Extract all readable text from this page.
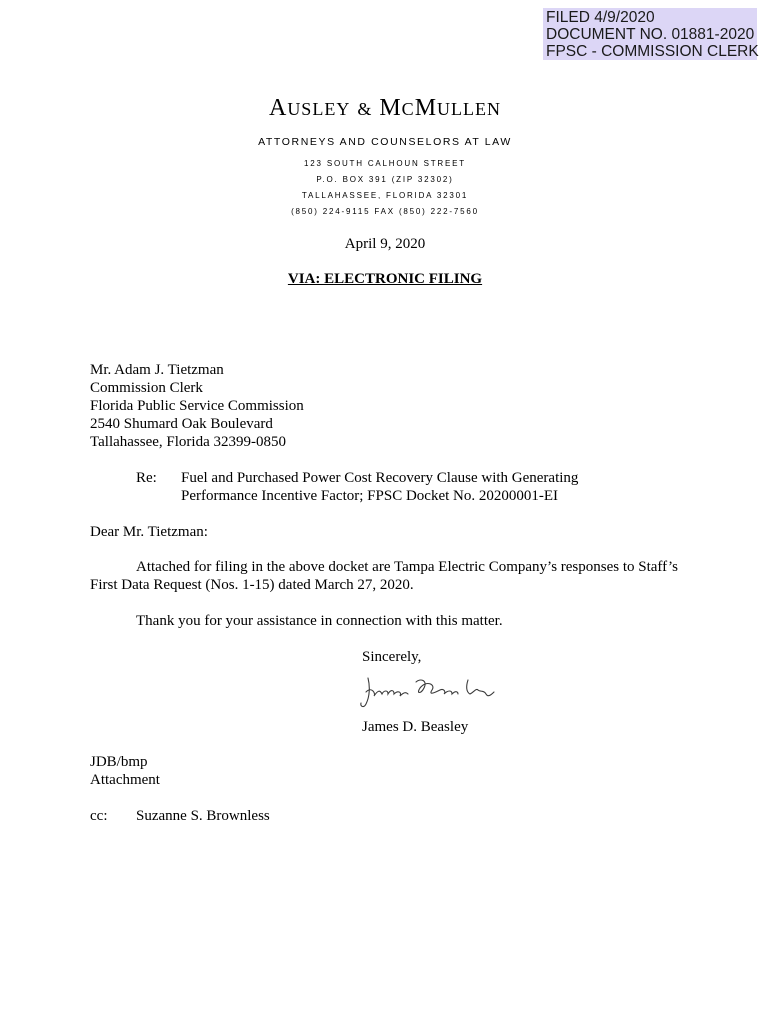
FILED 4/9/2020
DOCUMENT NO. 01881-2020
FPSC - COMMISSION CLERK
AUSLEY & MCMULLEN
ATTORNEYS AND COUNSELORS AT LAW
123 SOUTH CALHOUN STREET
P.O. BOX 391 (ZIP 32302)
TALLAHASSEE, FLORIDA 32301
(850) 224-9115 FAX (850) 222-7560
April 9, 2020
VIA: ELECTRONIC FILING
Mr. Adam J. Tietzman
Commission Clerk
Florida Public Service Commission
2540 Shumard Oak Boulevard
Tallahassee, Florida 32399-0850
Re: Fuel and Purchased Power Cost Recovery Clause with Generating
Performance Incentive Factor; FPSC Docket No. 20200001-EI
Dear Mr. Tietzman:
Attached for filing in the above docket are Tampa Electric Company’s responses to Staff’s
First Data Request (Nos. 1-15) dated March 27, 2020.
Thank you for your assistance in connection with this matter.
Sincerely,
James D. Beasley
JDB/bmp
Attachment
cc: Suzanne S. Brownless
